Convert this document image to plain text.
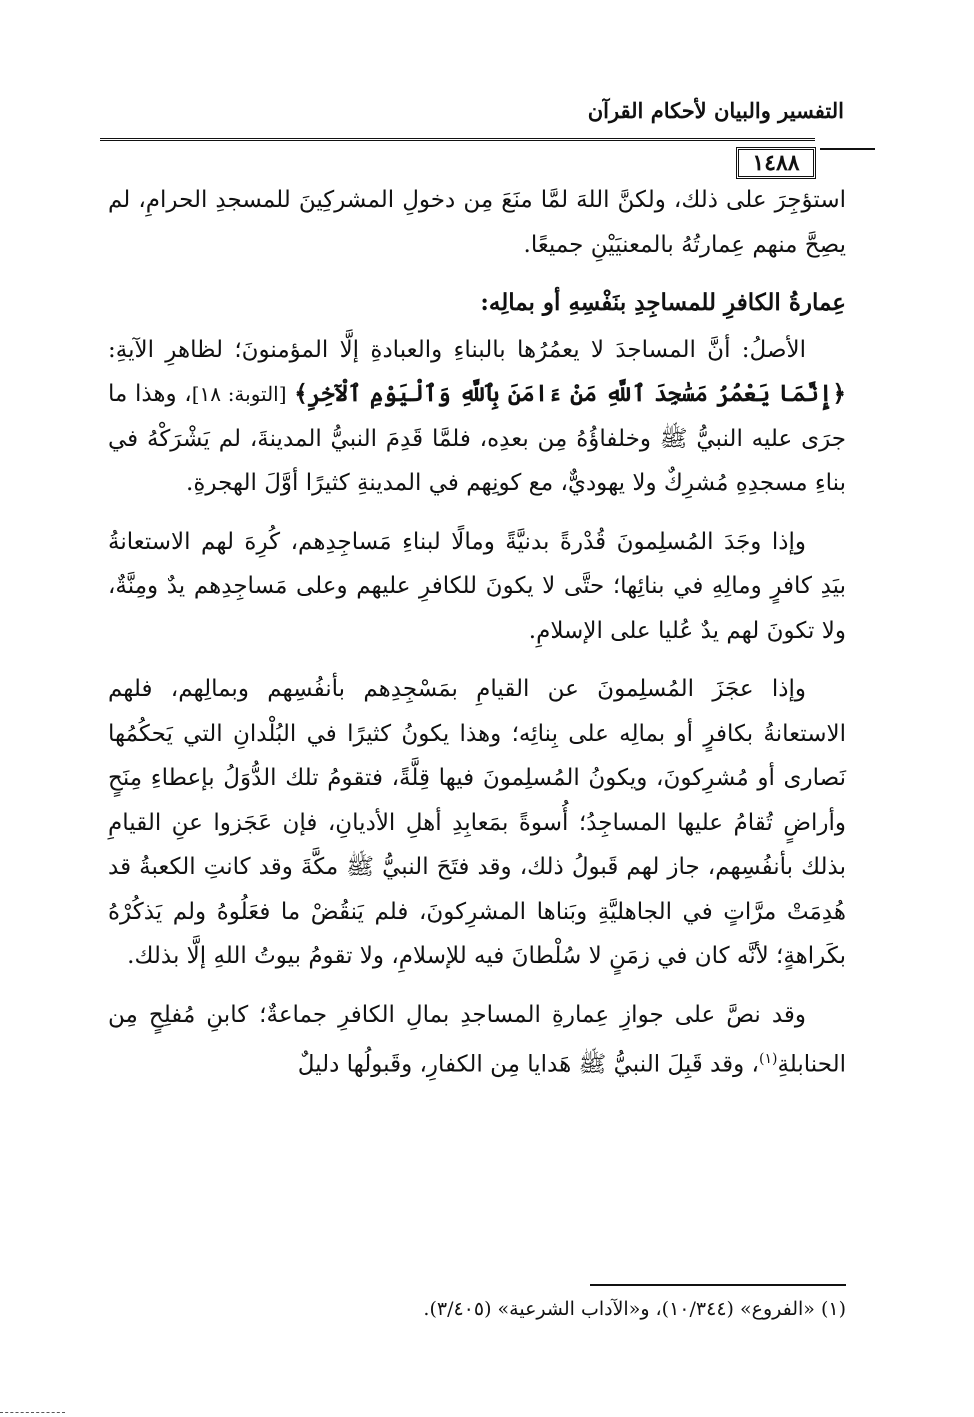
التفسير والبيان لأحكام القرآن
١٤٨٨

استؤجِرَ على ذلك، ولكنَّ اللهَ لمَّا منَعَ مِن دخولِ المشركِينَ للمسجدِ الحرامِ، لم يصِحَّ منهم عِمارتُهُ بالمعنيَيْنِ جميعًا.

عِمارةُ الكافرِ للمساجِدِ بنَفْسِهِ أو بمالِه:

الأصلُ: أنَّ المساجدَ لا يعمُرُها بالبناءِ والعبادةِ إلَّا المؤمنونَ؛ لظاهرِ الآيةِ: ﴿إِنَّمَا يَعْمُرُ مَسَٰجِدَ ٱللَّهِ مَنْ ءَامَنَ بِٱللَّهِ وَٱلْيَوْمِ ٱلْآخِرِ﴾ [التوبة: ١٨]، وهذا ما جرَى عليه النبيُّ ﷺ وخلفاؤُهُ مِن بعدِه، فلمَّا قَدِمَ النبيُّ المدينةَ، لم يَشْرَكْهُ في بناءِ مسجدِهِ مُشرِكٌ ولا يهوديٌّ، مع كونِهم في المدينةِ كثيرًا أوَّلَ الهجرةِ.

وإذا وجَدَ المُسلِمونَ قُدْرةً بدنيَّةً ومالًا لبناءِ مَساجِدِهم، كُرِهَ لهم الاستعانةُ بيَدِ كافرٍ ومالِهِ في بنائِها؛ حتَّى لا يكونَ للكافرِ عليهم وعلى مَساجِدِهم يدٌ ومِنَّةٌ، ولا تكونَ لهم يدٌ عُليا على الإسلامِ.

وإذا عجَزَ المُسلِمونَ عن القيامِ بمَسْجِدِهم بأنفُسِهم وبمالِهم، فلهم الاستعانةُ بكافرٍ أو بمالِه على بِنائِه؛ وهذا يكونُ كثيرًا في البُلْدانِ التي يَحكُمُها نَصارى أو مُشرِكونَ، ويكونُ المُسلِمونَ فيها قِلَّةً، فتقومُ تلك الدُّوَلُ بإعطاءِ مِنَحٍ وأراضٍ تُقامُ عليها المساجِدُ؛ أُسوةً بمَعابِدِ أهلِ الأديانِ، فإن عَجَزوا عنِ القيامِ بذلك بأنفُسِهم، جاز لهم قَبولُ ذلك، وقد فتَحَ النبيُّ ﷺ مكَّةَ وقد كانتِ الكعبةُ قد هُدِمَتْ مرَّاتٍ في الجاهليَّةِ وبَناها المشرِكونَ، فلم يَنقُضْ ما فعَلُوهُ ولم يَذكُرْهُ بكَراهةٍ؛ لأنَّه كان في زمَنٍ لا سُلْطانَ فيه للإسلامِ، ولا تقومُ بيوتُ اللهِ إلَّا بذلك.

وقد نصَّ على جوازِ عِمارةِ المساجدِ بمالِ الكافرِ جماعةٌ؛ كابنِ مُفلِحٍ مِن الحنابلةِ$^{(١)}$، وقد قَبِلَ النبيُّ ﷺ هَدايا مِن الكفارِ، وقَبولُها دليلٌ

(١) «الفروع» (١٠/٣٤٤)، و«الآداب الشرعية» (٣/٤٠٥).
